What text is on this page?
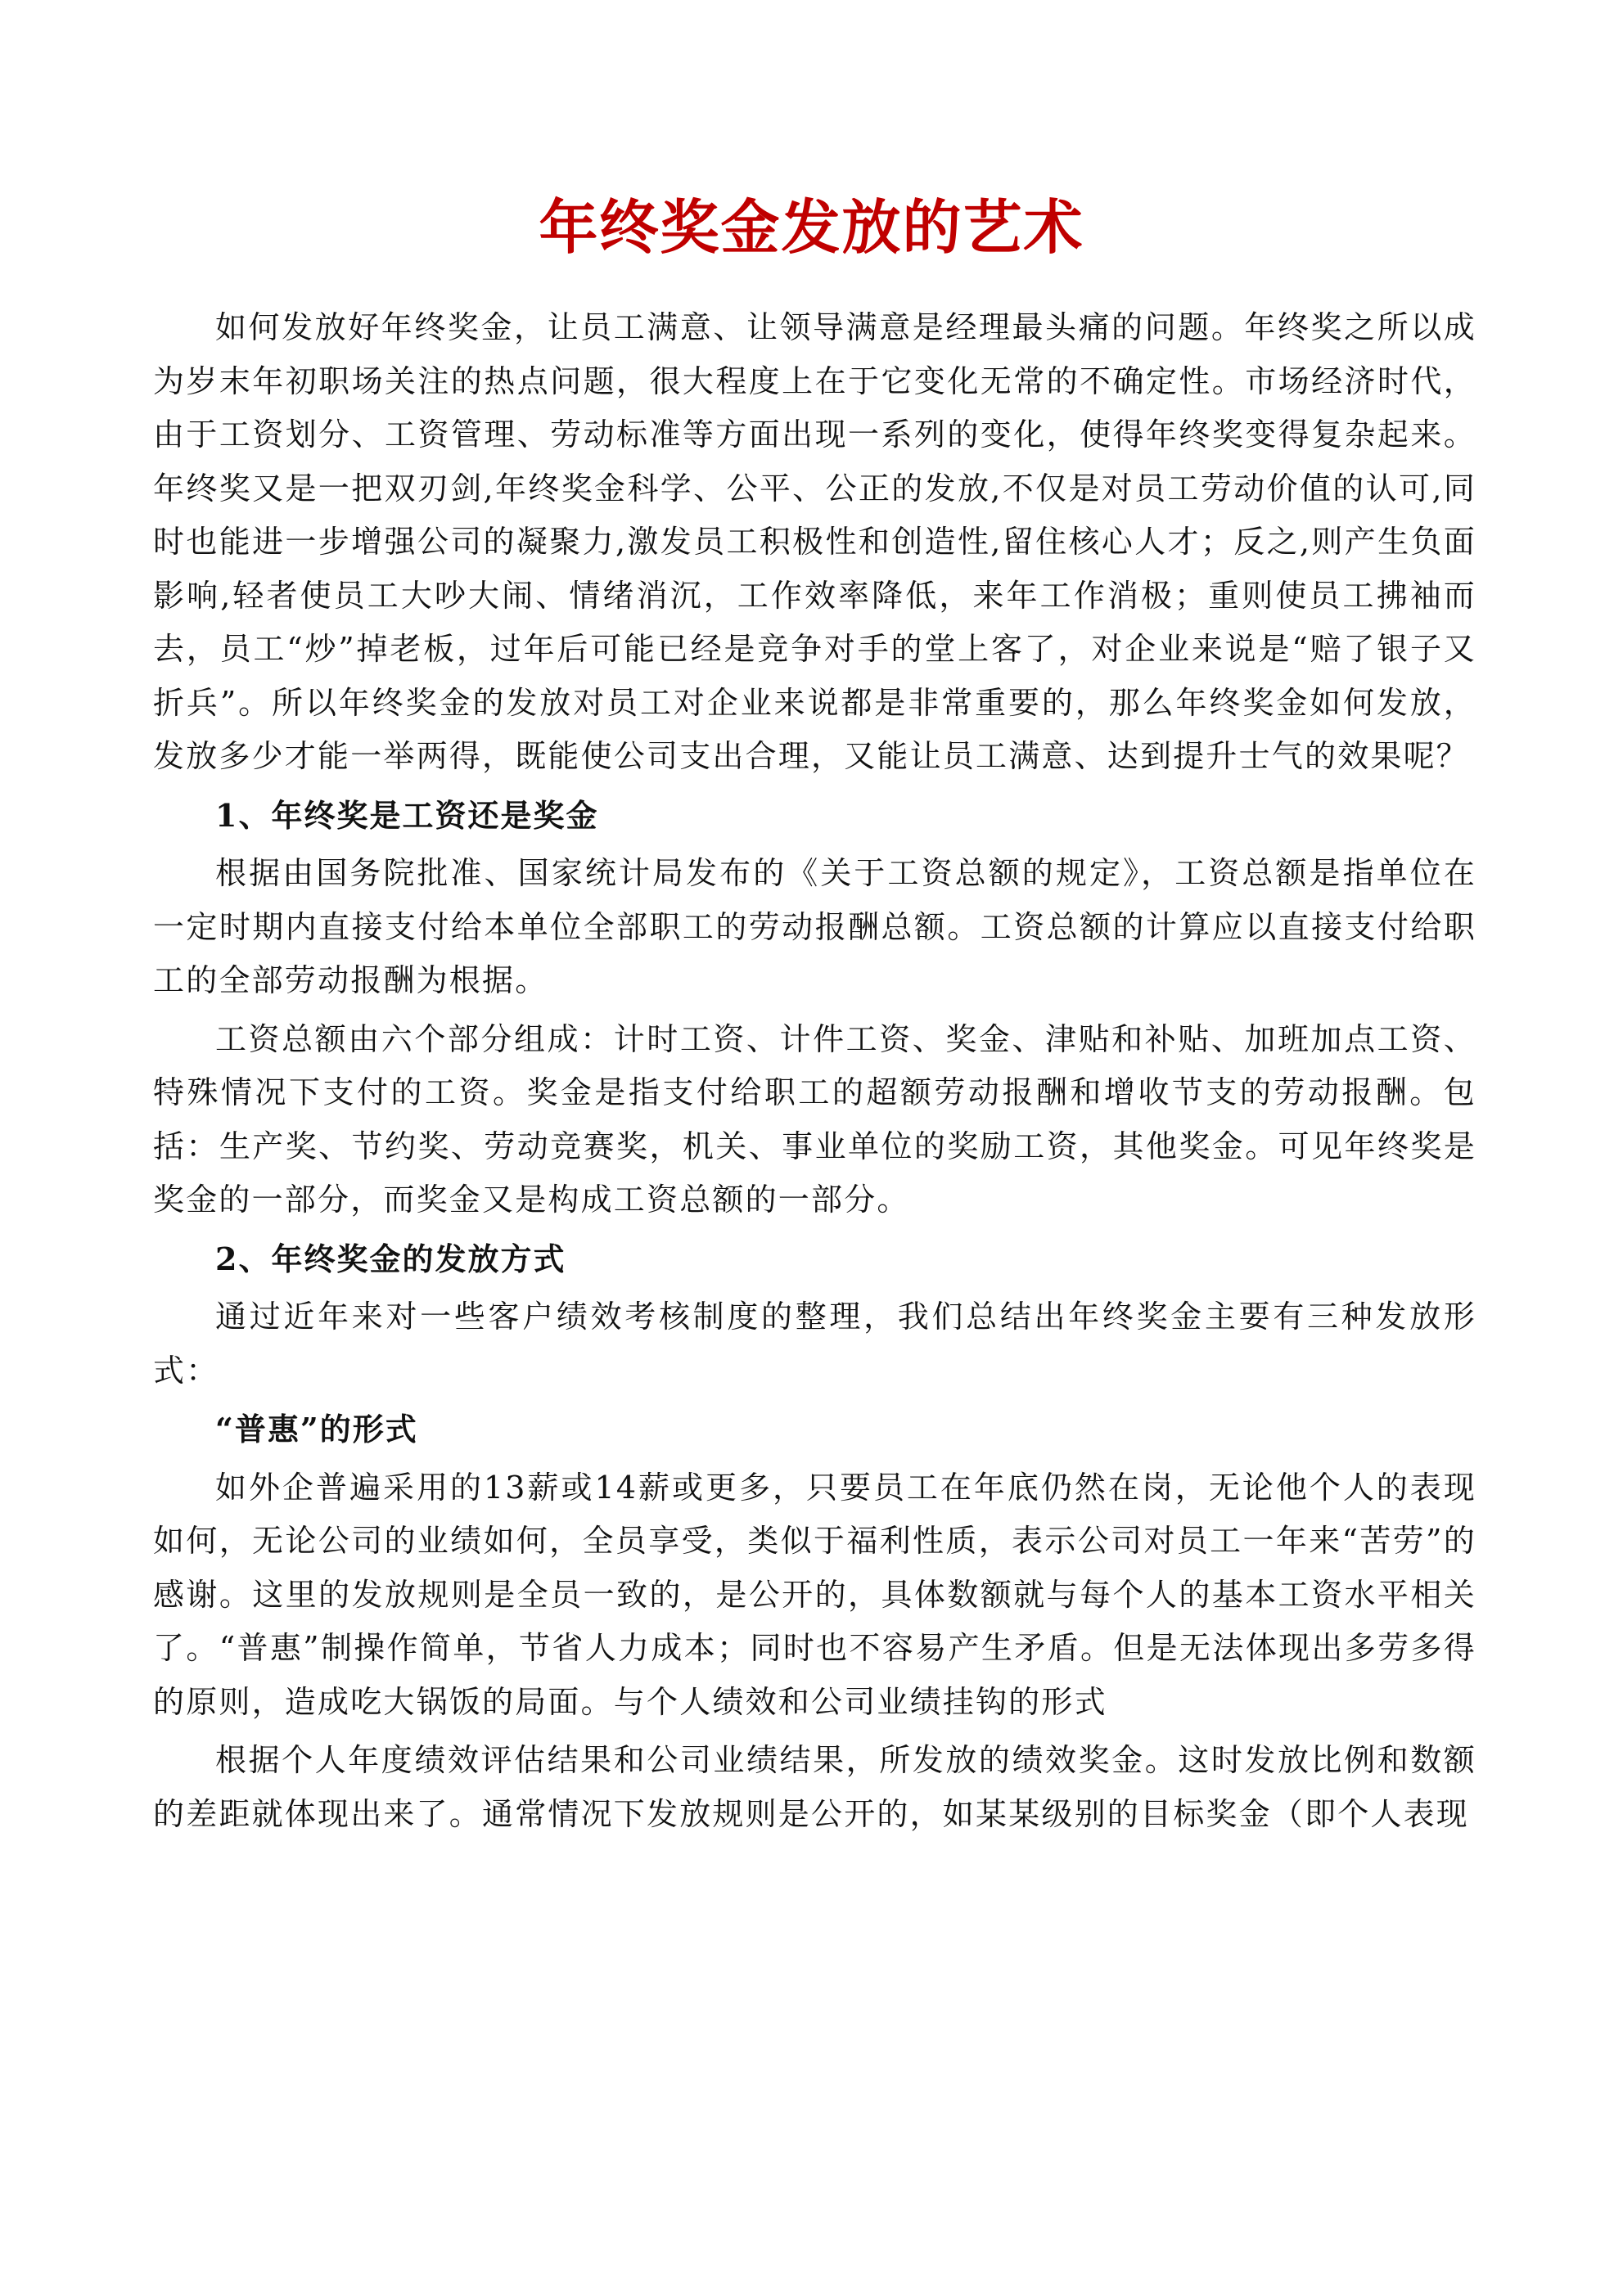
年终奖金发放的艺术

如何发放好年终奖金，让员工满意、让领导满意是经理最头痛的问题。年终奖之所以成为岁末年初职场关注的热点问题，很大程度上在于它变化无常的不确定性。市场经济时代，由于工资划分、工资管理、劳动标准等方面出现一系列的变化，使得年终奖变得复杂起来。年终奖又是一把双刃剑,年终奖金科学、公平、公正的发放,不仅是对员工劳动价值的认可,同时也能进一步增强公司的凝聚力,激发员工积极性和创造性,留住核心人才；反之,则产生负面影响,轻者使员工大吵大闹、情绪消沉，工作效率降低，来年工作消极；重则使员工拂袖而去，员工“炒”掉老板，过年后可能已经是竞争对手的堂上客了，对企业来说是“赔了银子又折兵”。所以年终奖金的发放对员工对企业来说都是非常重要的，那么年终奖金如何发放，发放多少才能一举两得，既能使公司支出合理，又能让员工满意、达到提升士气的效果呢？

1、年终奖是工资还是奖金

根据由国务院批准、国家统计局发布的《关于工资总额的规定》，工资总额是指单位在一定时期内直接支付给本单位全部职工的劳动报酬总额。工资总额的计算应以直接支付给职工的全部劳动报酬为根据。

工资总额由六个部分组成：计时工资、计件工资、奖金、津贴和补贴、加班加点工资、特殊情况下支付的工资。奖金是指支付给职工的超额劳动报酬和增收节支的劳动报酬。包括：生产奖、节约奖、劳动竞赛奖，机关、事业单位的奖励工资，其他奖金。可见年终奖是奖金的一部分，而奖金又是构成工资总额的一部分。

2、年终奖金的发放方式

通过近年来对一些客户绩效考核制度的整理，我们总结出年终奖金主要有三种发放形式：

“普惠”的形式

如外企普遍采用的13薪或14薪或更多，只要员工在年底仍然在岗，无论他个人的表现如何，无论公司的业绩如何，全员享受，类似于福利性质，表示公司对员工一年来“苦劳”的感谢。这里的发放规则是全员一致的，是公开的，具体数额就与每个人的基本工资水平相关了。“普惠”制操作简单，节省人力成本；同时也不容易产生矛盾。但是无法体现出多劳多得的原则，造成吃大锅饭的局面。与个人绩效和公司业绩挂钩的形式

根据个人年度绩效评估结果和公司业绩结果，所发放的绩效奖金。这时发放比例和数额的差距就体现出来了。通常情况下发放规则是公开的，如某某级别的目标奖金（即个人表现
